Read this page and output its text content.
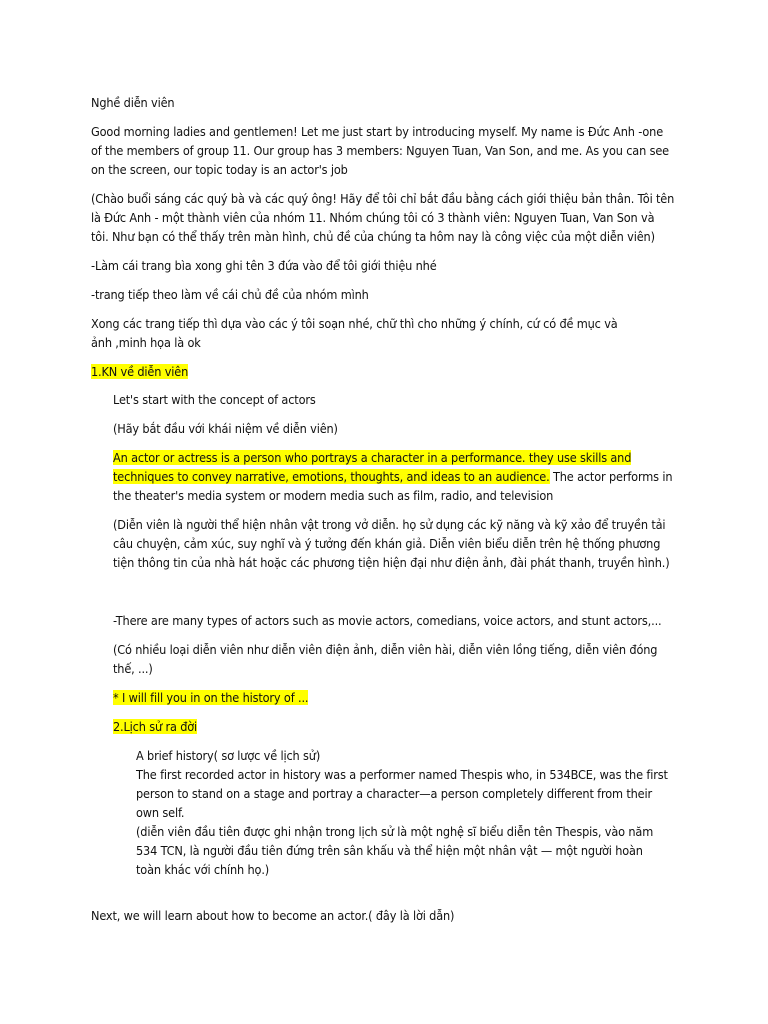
Nghề diễn viên

Good morning ladies and gentlemen! Let me just start by introducing myself. My name is Đức Anh -one
of the members of group 11. Our group has 3 members: Nguyen Tuan, Van Son, and me. As you can see
on the screen, our topic today is an actor's job
(Chào buổi sáng các quý bà và các quý ông! Hãy để tôi chỉ bắt đầu bằng cách giới thiệu bản thân. Tôi tên
là Đức Anh - một thành viên của nhóm 11. Nhóm chúng tôi có 3 thành viên: Nguyen Tuan, Van Son và
tôi. Như bạn có thể thấy trên màn hình, chủ đề của chúng ta hôm nay là công việc của một diễn viên)

-Làm cái trang bìa xong ghi tên 3 đứa vào để tôi giới thiệu nhé

-trang tiếp theo làm về cái chủ đề của nhóm mình

Xong các trang tiếp thì dựa vào các ý tôi soạn nhé, chữ thì cho những ý chính, cứ có đề mục và
ảnh ,minh họa là ok

1.KN về diễn viên

Let's start with the concept of actors

(Hãy bắt đầu với khái niệm về diễn viên)

An actor or actress is a person who portrays a character in a performance. they use skills and
techniques to convey narrative, emotions, thoughts, and ideas to an audience. The actor performs in
the theater's media system or modern media such as film, radio, and television
(Diễn viên là người thể hiện nhân vật trong vở diễn. họ sử dụng các kỹ năng và kỹ xảo để truyền tải
câu chuyện, cảm xúc, suy nghĩ và ý tưởng đến khán giả. Diễn viên biểu diễn trên hệ thống phương
tiện thông tin của nhà hát hoặc các phương tiện hiện đại như điện ảnh, đài phát thanh, truyền hình.)

-There are many types of actors such as movie actors, comedians, voice actors, and stunt actors,...

(Có nhiều loại diễn viên như diễn viên điện ảnh, diễn viên hài, diễn viên lồng tiếng, diễn viên đóng
thế, ...)

* I will fill you in on the history of ...

2.Lịch sử ra đời

A brief history( sơ lược về lịch sử)
The first recorded actor in history was a performer named Thespis who, in 534BCE, was the first
person to stand on a stage and portray a character—a person completely different from their
own self.
(diễn viên đầu tiên được ghi nhận trong lịch sử là một nghệ sĩ biểu diễn tên Thespis, vào năm
534 TCN, là người đầu tiên đứng trên sân khấu và thể hiện một nhân vật — một người hoàn
toàn khác với chính họ.)

Next, we will learn about how to become an actor.( đây là lời dẫn)
